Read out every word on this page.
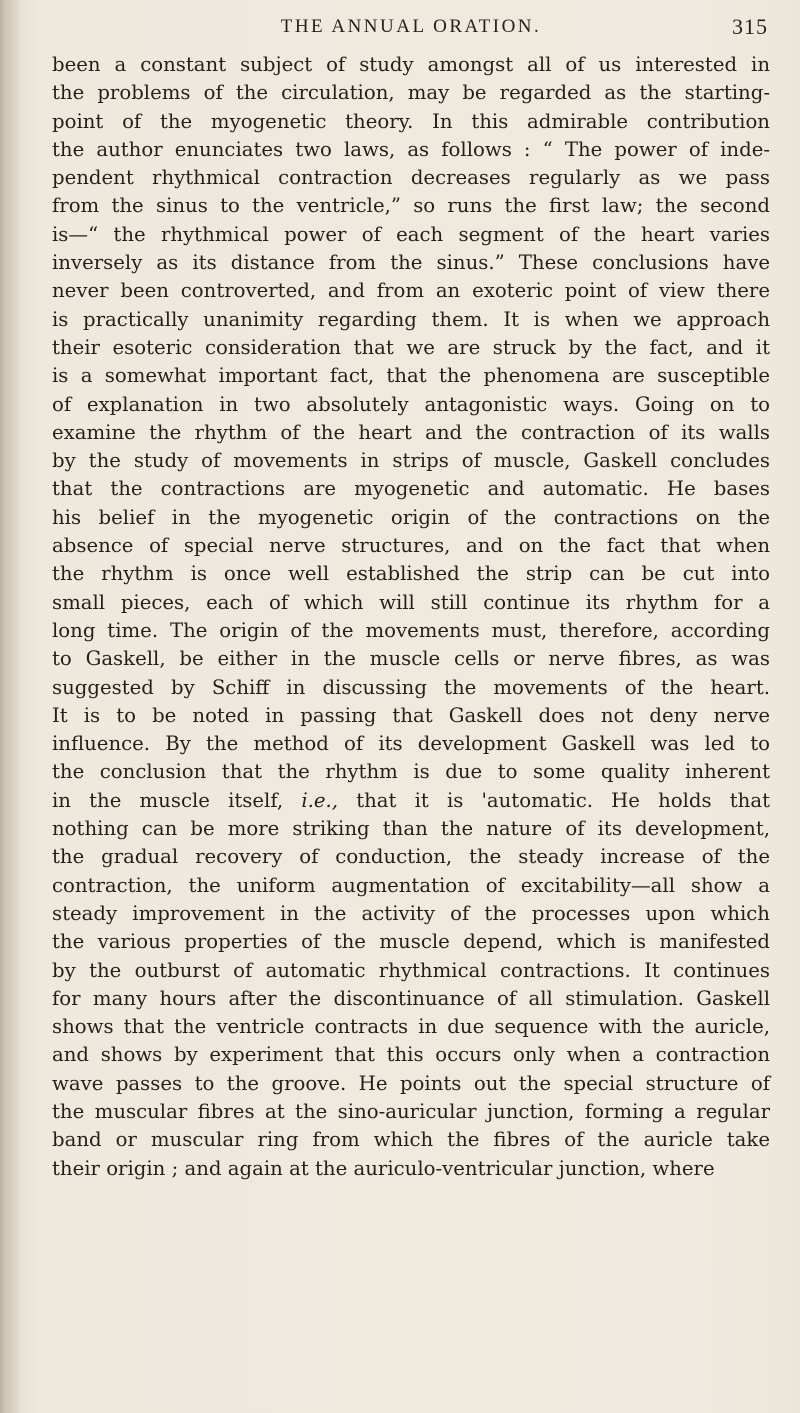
THE ANNUAL ORATION.	315
been a constant subject of study amongst all of us interested in
the problems of the circulation, may be regarded as the starting-
point of the myogenetic theory. In this admirable contribution
the author enunciates two laws, as follows : “ The power of inde-
pendent rhythmical contraction decreases regularly as we pass
from the sinus to the ventricle,” so runs the first law; the second
is—“ the rhythmical power of each segment of the heart varies
inversely as its distance from the sinus.” These conclusions have
never been controverted, and from an exoteric point of view there
is practically unanimity regarding them. It is when we approach
their esoteric consideration that we are struck by the fact, and it
is a somewhat important fact, that the phenomena are susceptible
of explanation in two absolutely antagonistic ways. Going on to
examine the rhythm of the heart and the contraction of its walls
by the study of movements in strips of muscle, Gaskell concludes
that the contractions are myogenetic and automatic. He bases
his belief in the myogenetic origin of the contractions on the
absence of special nerve structures, and on the fact that when
the rhythm is once well established the strip can be cut into
small pieces, each of which will still continue its rhythm for a
long time. The origin of the movements must, therefore, according
to Gaskell, be either in the muscle cells or nerve fibres, as was
suggested by Schiff in discussing the movements of the heart.
It is to be noted in passing that Gaskell does not deny nerve
influence. By the method of its development Gaskell was led to
the conclusion that the rhythm is due to some quality inherent
in the muscle itself, i.e., that it is 'automatic. He holds that
nothing can be more striking than the nature of its development,
the gradual recovery of conduction, the steady increase of the
contraction, the uniform augmentation of excitability—all show a
steady improvement in the activity of the processes upon which
the various properties of the muscle depend, which is manifested
by the outburst of automatic rhythmical contractions. It continues
for many hours after the discontinuance of all stimulation. Gaskell
shows that the ventricle contracts in due sequence with the auricle,
and shows by experiment that this occurs only when a contraction
wave passes to the groove. He points out the special structure of
the muscular fibres at the sino-auricular junction, forming a regular
band or muscular ring from which the fibres of the auricle take
their origin ; and again at the auriculo-ventricular junction, where
